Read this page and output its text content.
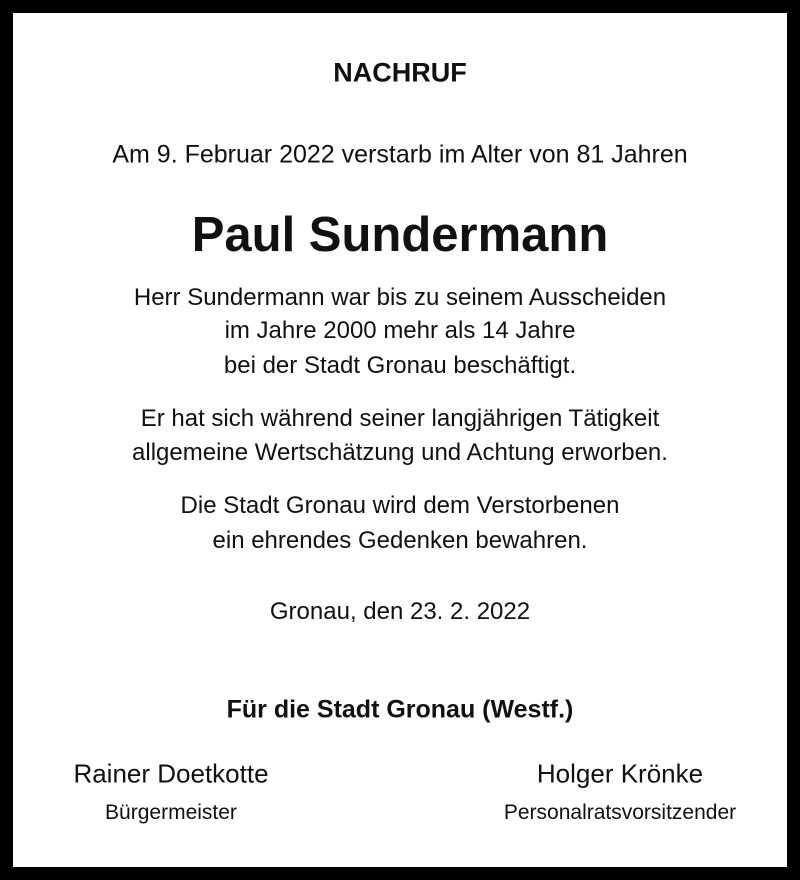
NACHRUF
Am 9. Februar 2022 verstarb im Alter von 81 Jahren
Paul Sundermann
Herr Sundermann war bis zu seinem Ausscheiden
im Jahre 2000 mehr als 14 Jahre
bei der Stadt Gronau beschäftigt.
Er hat sich während seiner langjährigen Tätigkeit
allgemeine Wertschätzung und Achtung erworben.
Die Stadt Gronau wird dem Verstorbenen
ein ehrendes Gedenken bewahren.
Gronau, den 23. 2. 2022
Für die Stadt Gronau (Westf.)
Rainer Doetkotte
Bürgermeister
Holger Krönke
Personalratsvorsitzender
